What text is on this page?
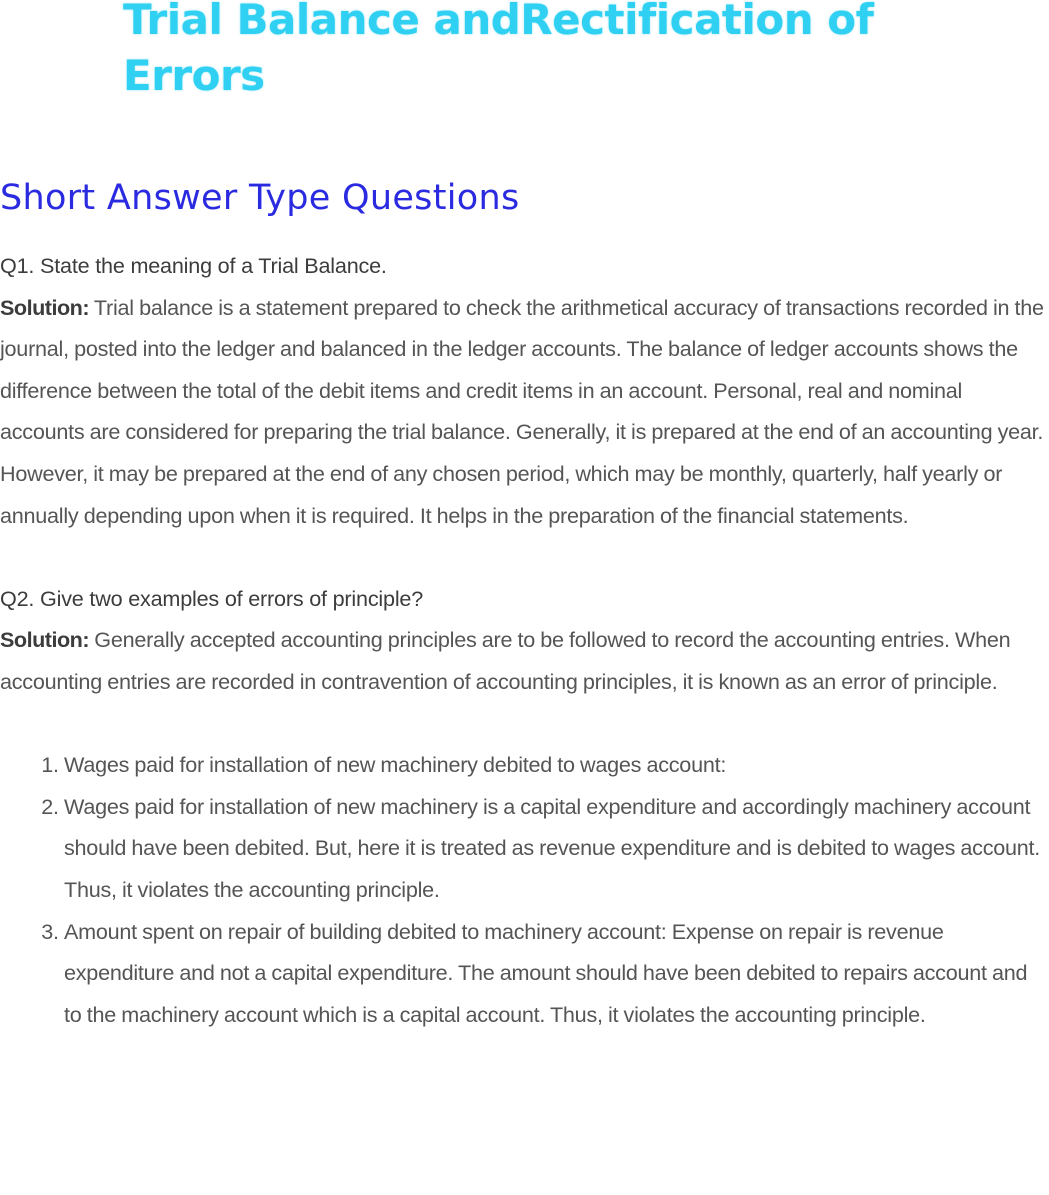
Trial Balance andRectification of Errors
Short Answer Type Questions

Q1. State the meaning of a Trial Balance.

Solution: Trial balance is a statement prepared to check the arithmetical accuracy of transactions recorded in the journal, posted into the ledger and balanced in the ledger accounts. The balance of ledger accounts shows the difference between the total of the debit items and credit items in an account. Personal, real and nominal accounts are considered for preparing the trial balance. Generally, it is prepared at the end of an accounting year. However, it may be prepared at the end of any chosen period, which may be monthly, quarterly, half yearly or annually depending upon when it is required. It helps in the preparation of the financial statements.

Q2. Give two examples of errors of principle?

Solution: Generally accepted accounting principles are to be followed to record the accounting entries. When accounting entries are recorded in contravention of accounting principles, it is known as an error of principle.

1. Wages paid for installation of new machinery debited to wages account:
2. Wages paid for installation of new machinery is a capital expenditure and accordingly machinery account should have been debited. But, here it is treated as revenue expenditure and is debited to wages account. Thus, it violates the accounting principle.
3. Amount spent on repair of building debited to machinery account: Expense on repair is revenue expenditure and not a capital expenditure. The amount should have been debited to repairs account and to the machinery account which is a capital account. Thus, it violates the accounting principle.
